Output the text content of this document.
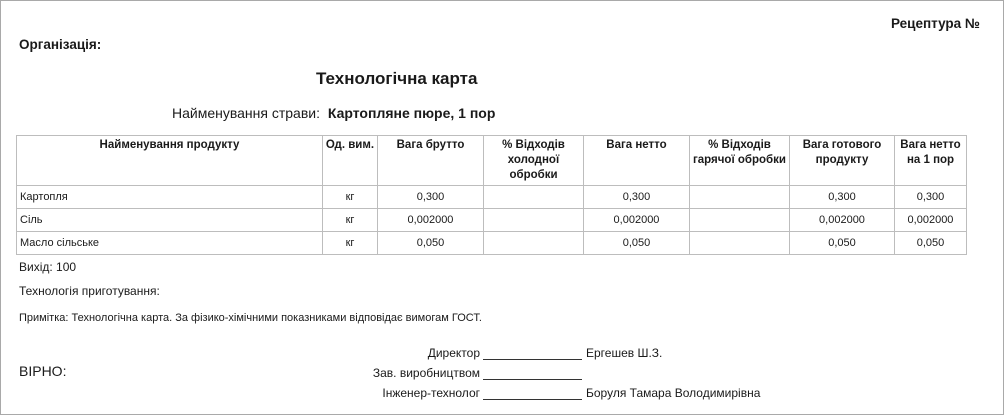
Рецептура №
Організація:
Технологічна карта
Найменування страви: Картопляне пюре, 1 пор
Найменування продукту	Од. вим.	Вага брутто	% Відходів холодної обробки	Вага нетто	% Відходів гарячої обробки	Вага готового продукту	Вага нетто на 1 пор
Картопля	кг	0,300		0,300		0,300	0,300
Сіль	кг	0,002000		0,002000		0,002000	0,002000
Масло сільське	кг	0,050		0,050		0,050	0,050
Вихід: 100
Технологія приготування:
Примітка: Технологічна карта. За фізико-хімічними показниками відповідає вимогам ГОСТ.
ВІРНО:
Директор	Ергешев Ш.З.
Зав. виробництвом
Інженер-технолог	Боруля Тамара Володимирівна
